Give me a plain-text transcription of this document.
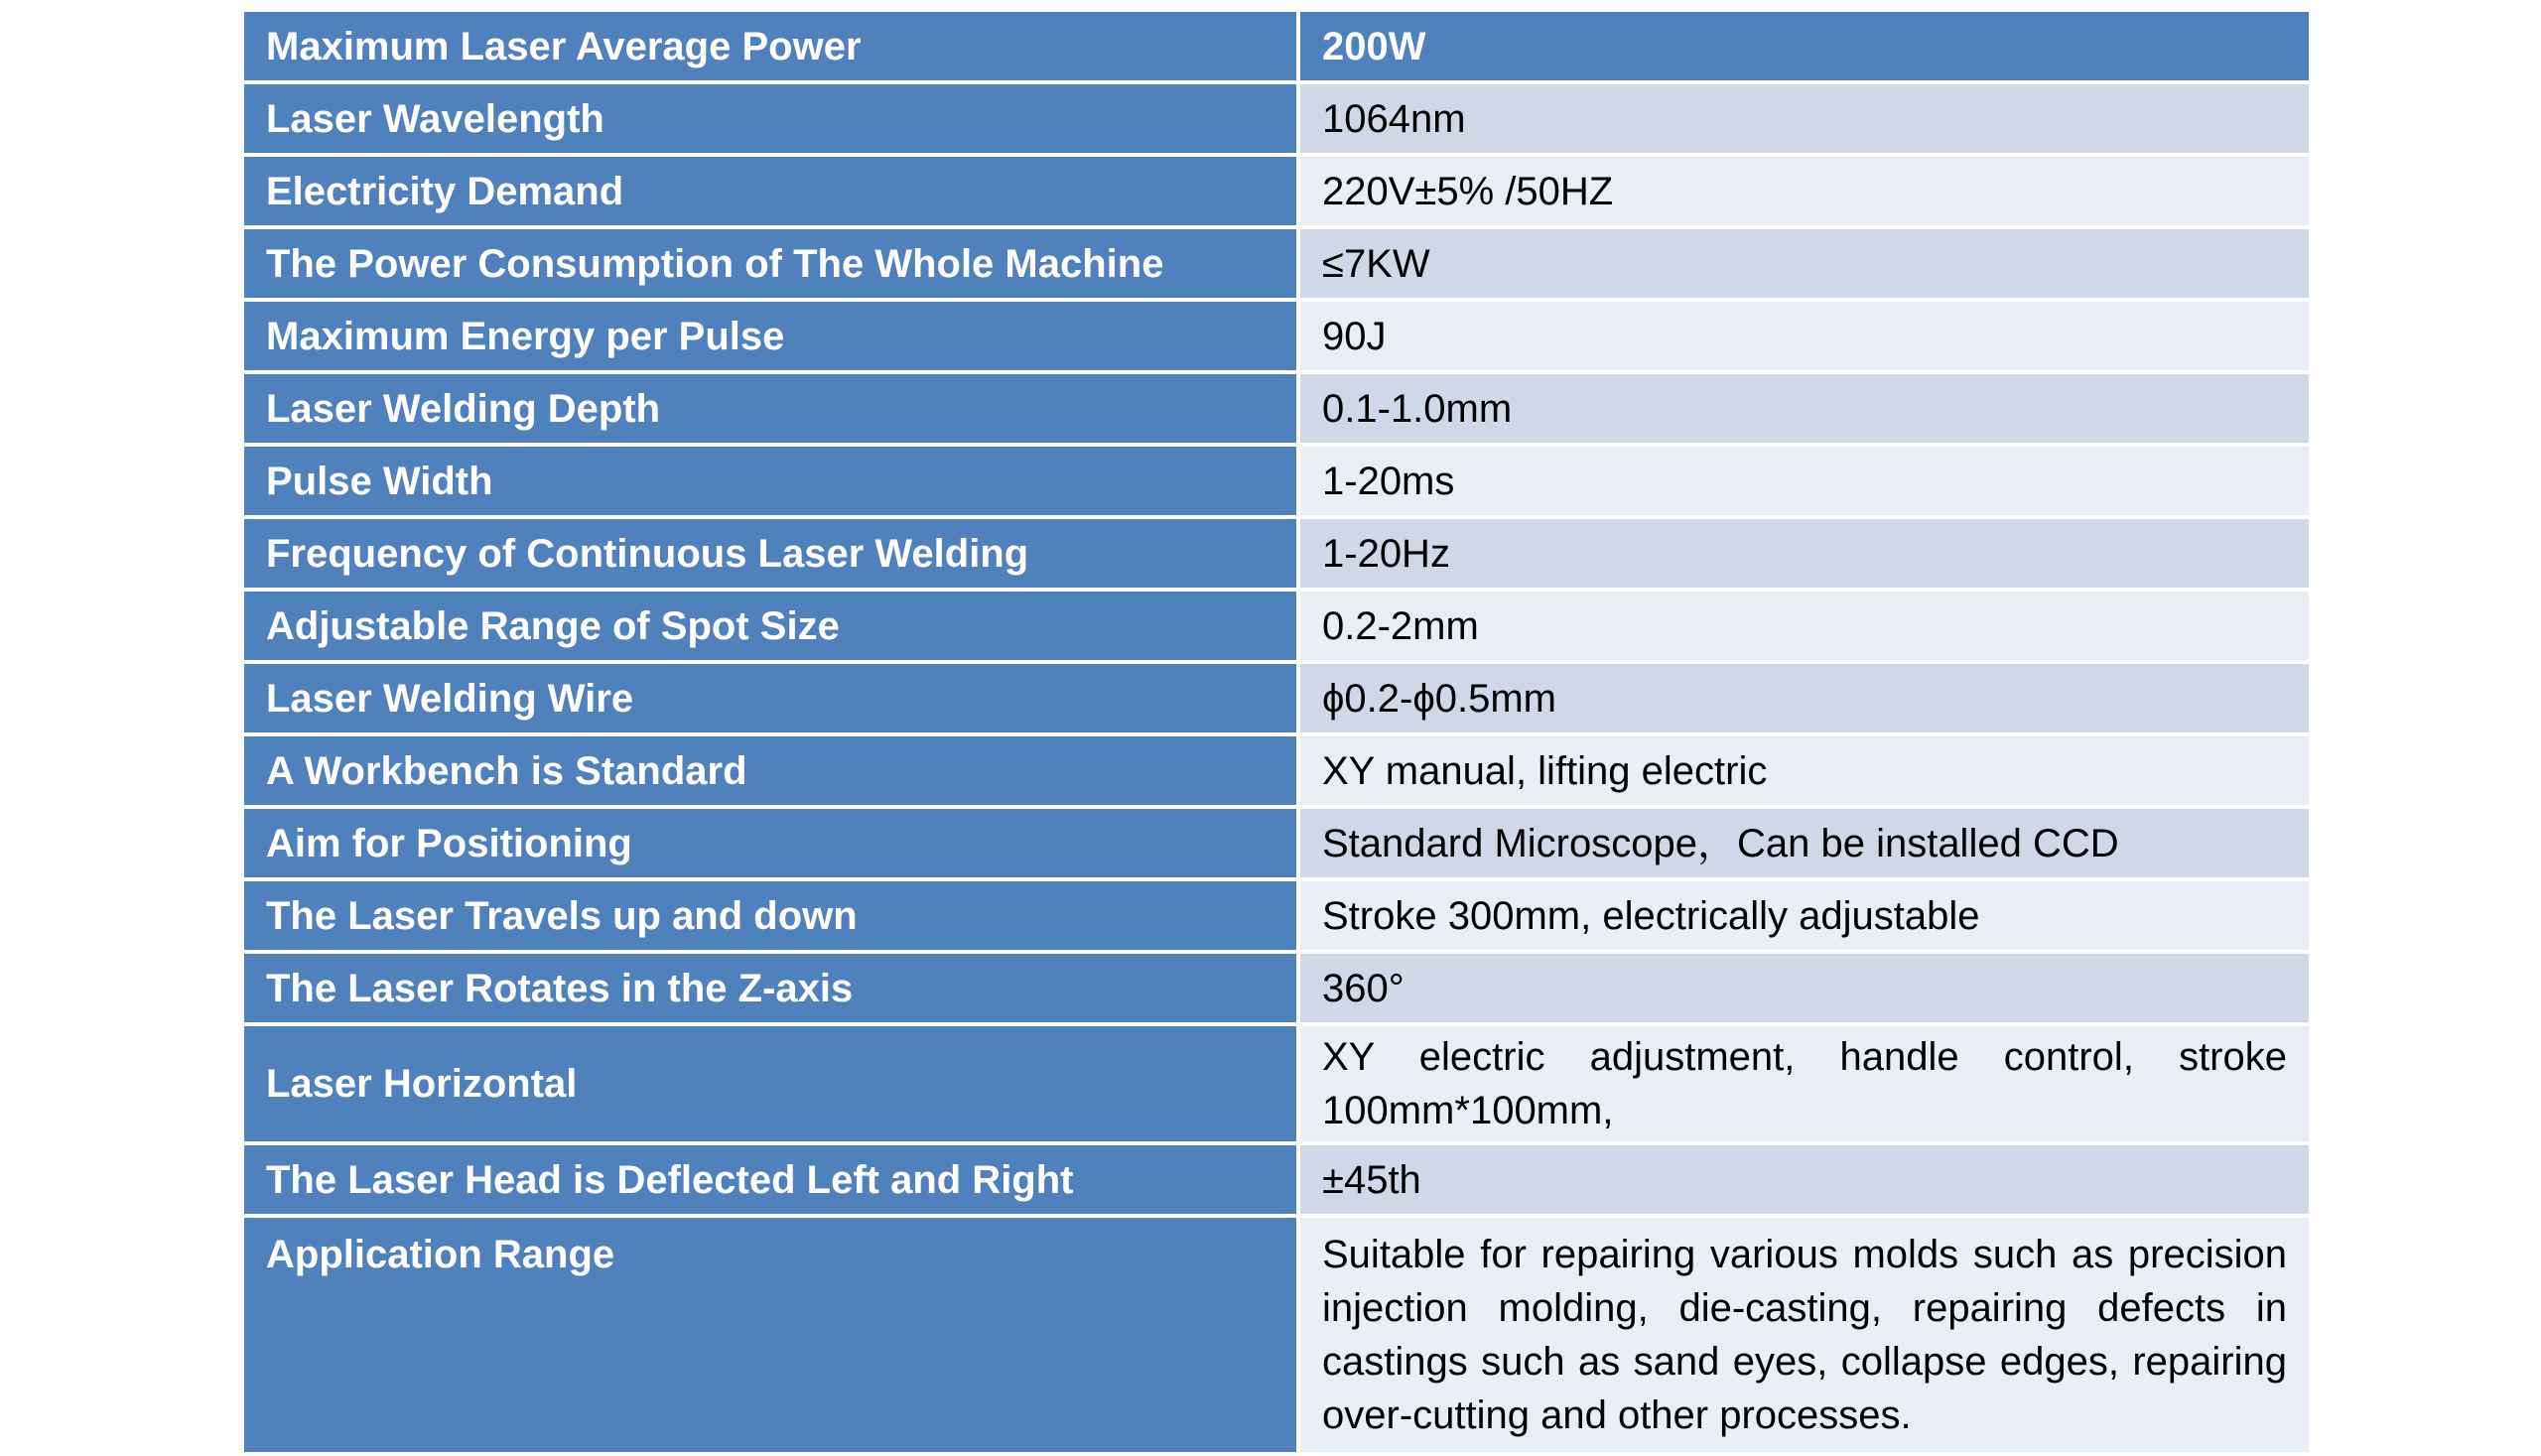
Maximum Laser Average Power	200W
Laser Wavelength	1064nm
Electricity Demand	220V±5% /50HZ
The Power Consumption of The Whole Machine	≤7KW
Maximum Energy per Pulse	90J
Laser Welding Depth	0.1-1.0mm
Pulse Width	1-20ms
Frequency of Continuous Laser Welding	1-20Hz
Adjustable Range of Spot Size	0.2-2mm
Laser Welding Wire	ϕ0.2-ϕ0.5mm
A Workbench is Standard	XY manual, lifting electric
Aim for Positioning	Standard Microscope，Can be installed CCD
The Laser Travels up and down	Stroke 300mm, electrically adjustable
The Laser Rotates in the Z-axis	360°
Laser Horizontal	XY electric adjustment, handle control, stroke 100mm*100mm,
The Laser Head is Deflected Left and Right	±45th
Application Range	Suitable for repairing various molds such as precision injection molding, die-casting, repairing defects in castings such as sand eyes, collapse edges, repairing over-cutting and other processes.
